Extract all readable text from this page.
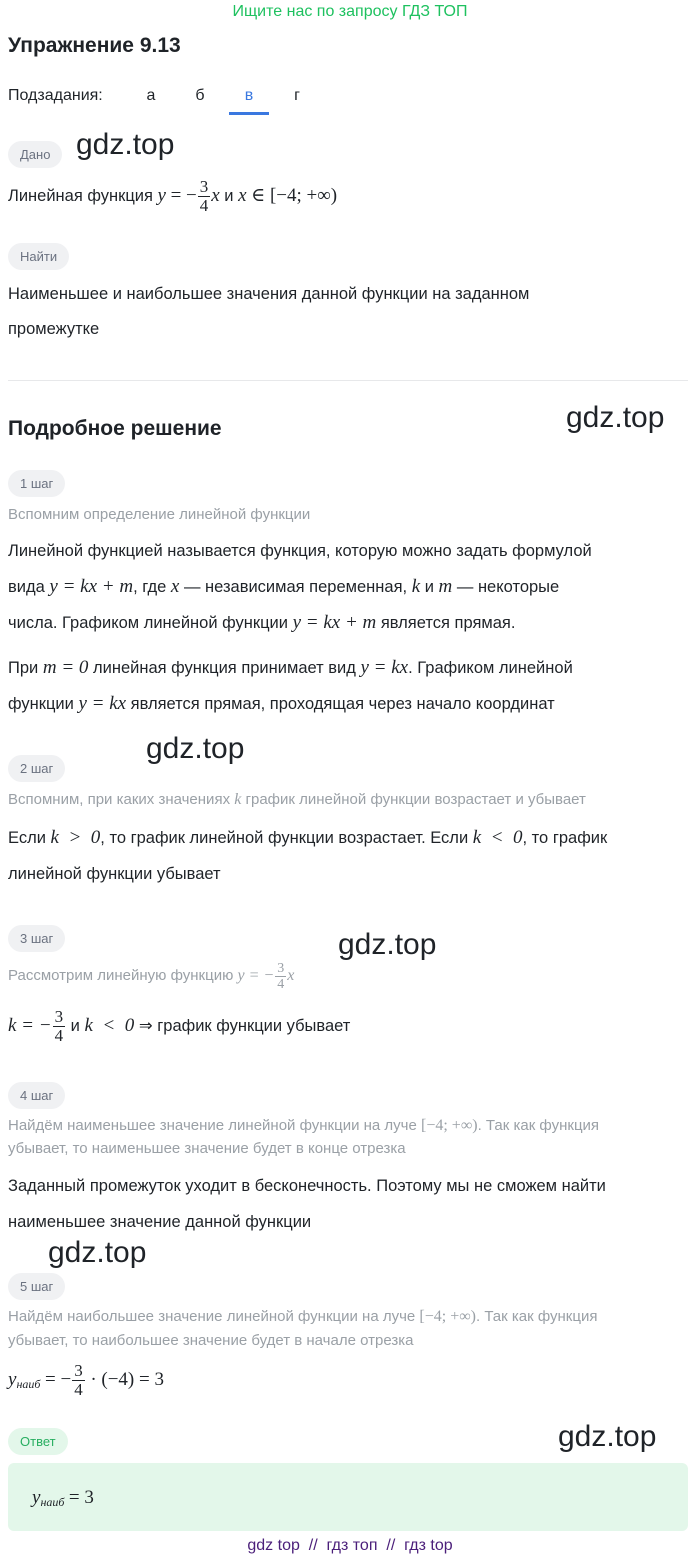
Ищите нас по запросу ГДЗ ТОП
Упражнение 9.13
Подзадания:	а	б	в	г
Дано gdz.top
Линейная функция y = − $\frac{3}{4}$ x и x ∈ [−4; +∞)
Найти
Наименьшее и наибольшее значения данной функции на заданном
промежутке
Подробное решение	gdz.top
1 шаг
Вспомним определение линейной функции
Линейной функцией называется функция, которую можно задать формулой
вида y = kx + m, где x — независимая переменная, k и m — некоторые
числа. Графиком линейной функции y = kx + m является прямая.
При m = 0 линейная функция принимает вид y = kx. Графиком линейной
функции y = kx является прямая, проходящая через начало координат
gdz.top
2 шаг
Вспомним, при каких значениях k график линейной функции возрастает и убывает
Если k  >  0, то график линейной функции возрастает. Если k  <  0, то график
линейной функции убывает
3 шаг	gdz.top
Рассмотрим линейную функцию y = − $\frac{3}{4}$ x
k = − $\frac{3}{4}$ и k  <  0 ⇒ график функции убывает
4 шаг
Найдём наименьшее значение линейной функции на луче [−4; +∞). Так как функция
убывает, то наименьшее значение будет в конце отрезка
Заданный промежуток уходит в бесконечность. Поэтому мы не сможем найти
наименьшее значение данной функции
gdz.top
5 шаг
Найдём наибольшее значение линейной функции на луче [−4; +∞). Так как функция
убывает, то наибольшее значение будет в начале отрезка
yнаиб = − $\frac{3}{4} \cdot (-4) = 3$
Ответ	gdz.top
yнаиб = 3
gdz top  //  гдз топ  //  гдз top
